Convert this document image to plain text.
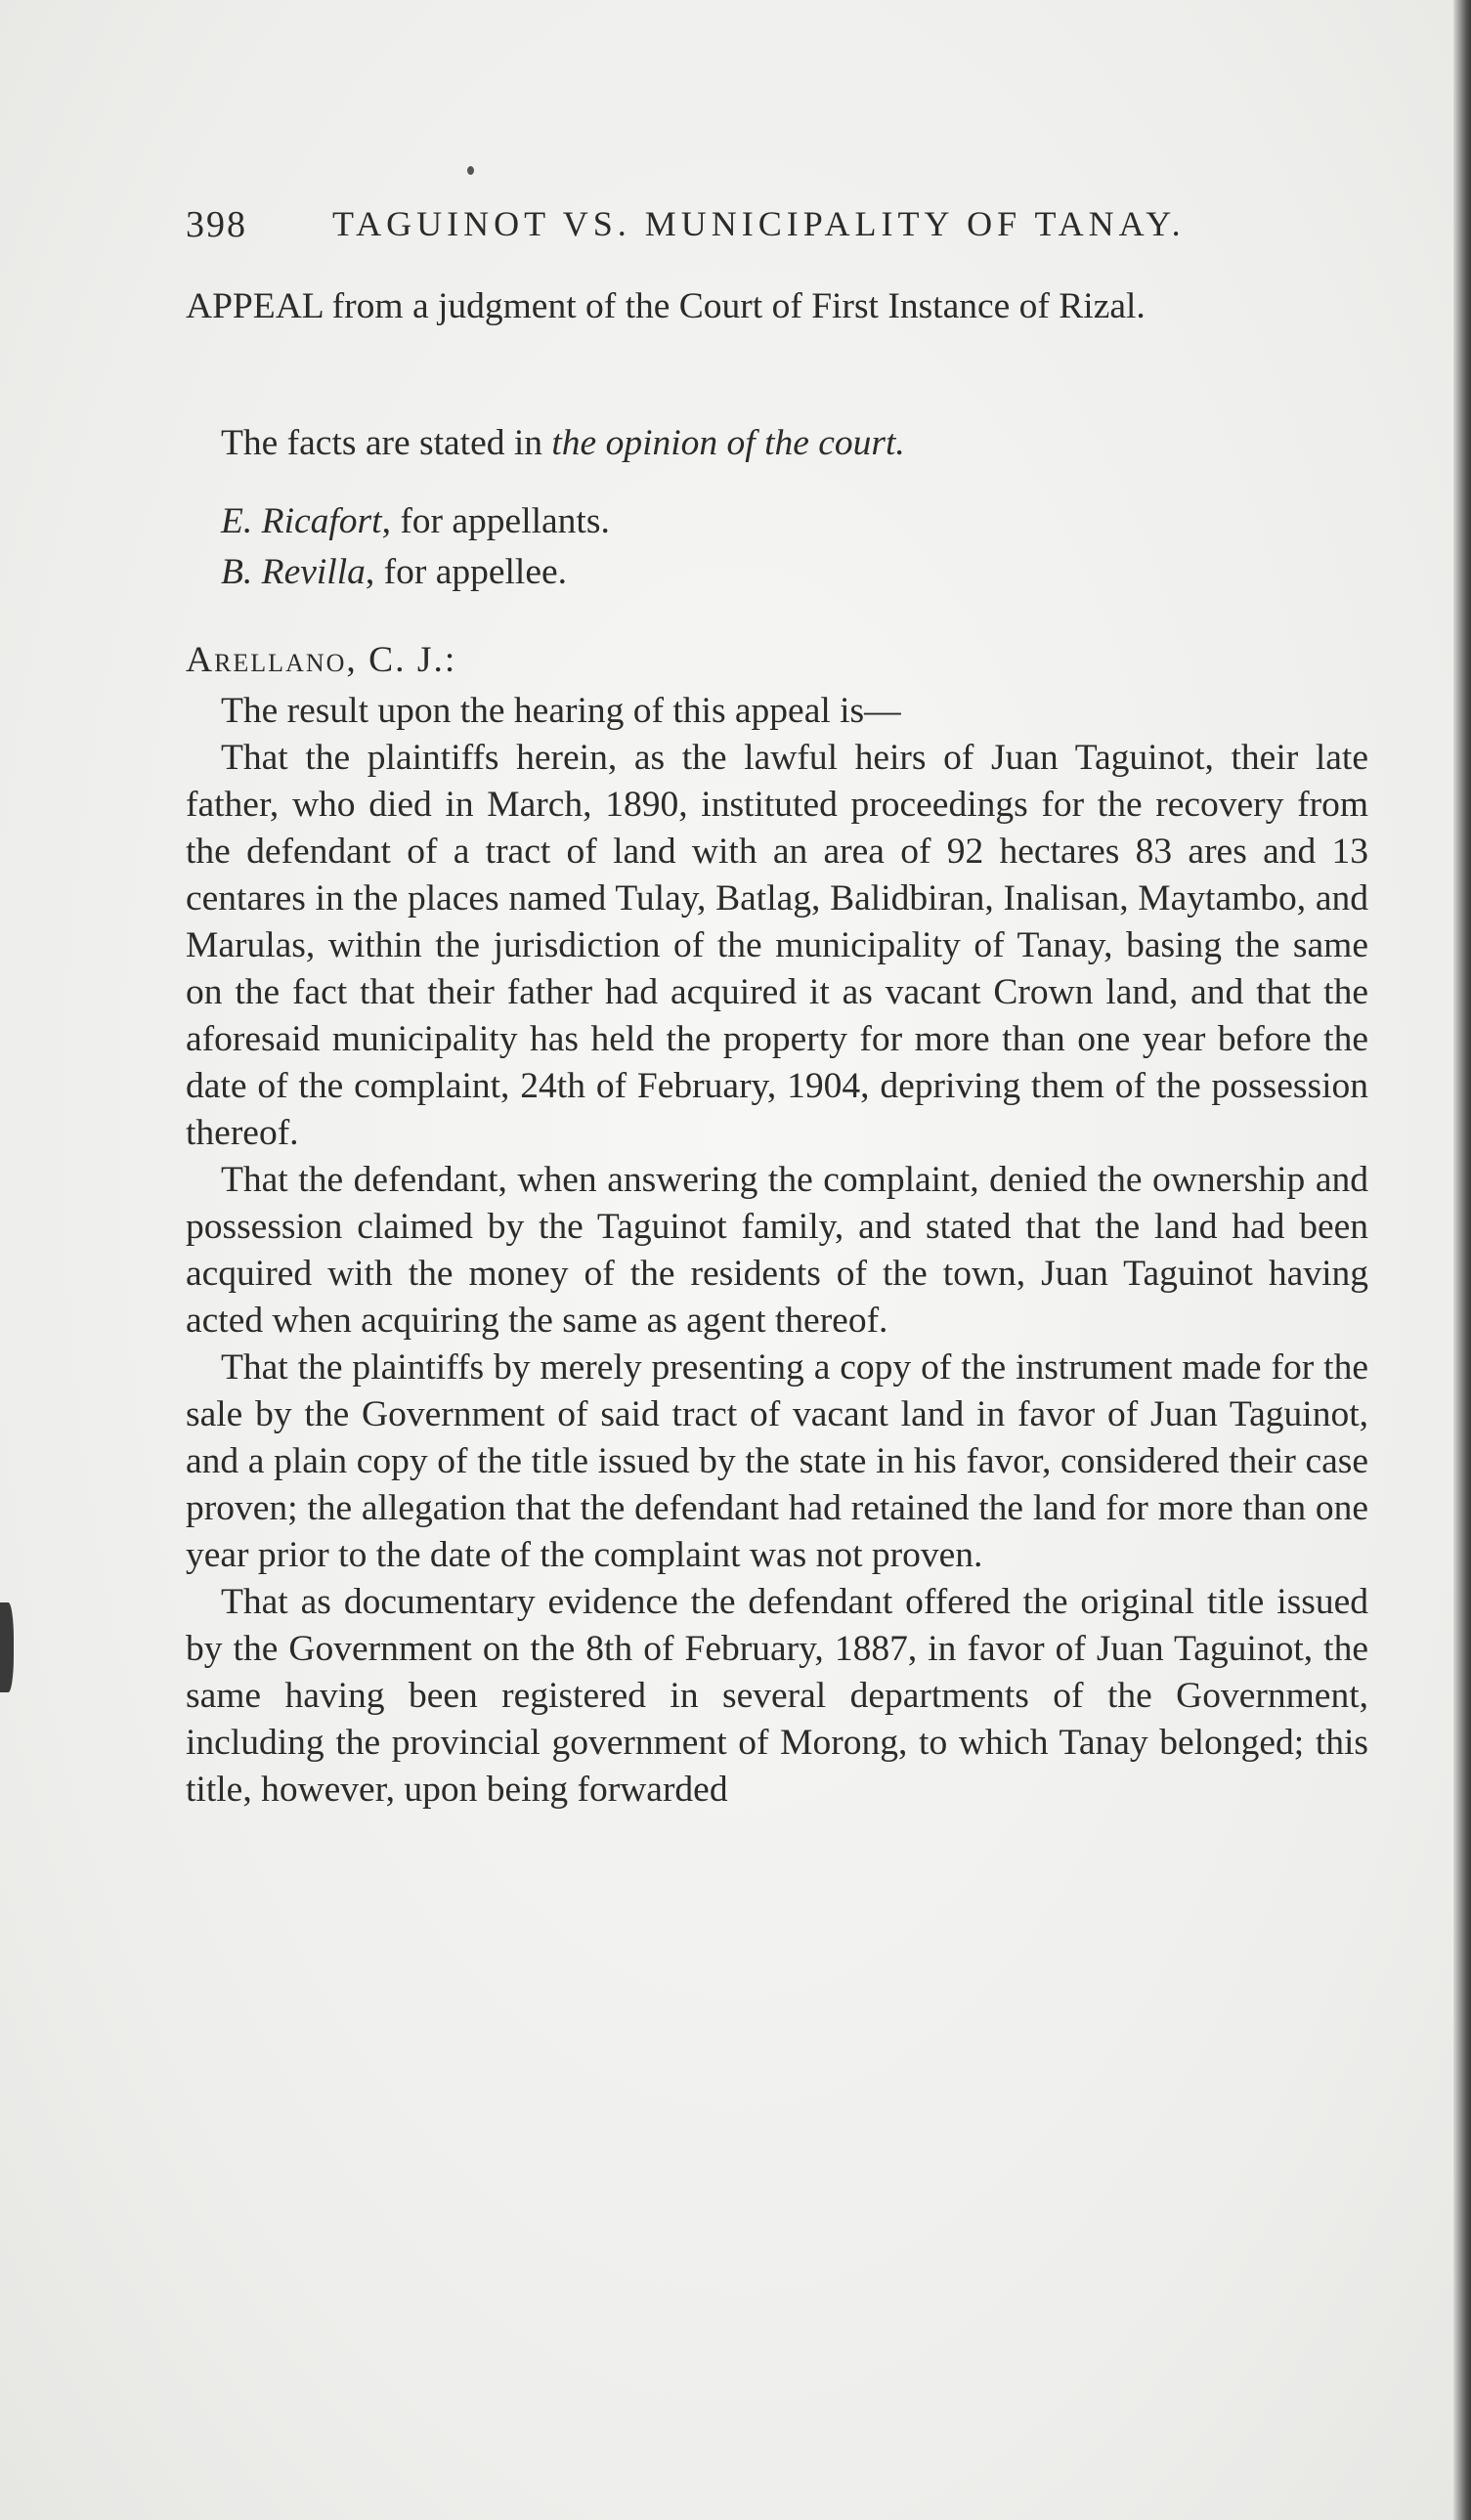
398 TAGUINOT VS. MUNICIPALITY OF TANAY.
APPEAL from a judgment of the Court of First Instance of Rizal.
The facts are stated in the opinion of the court.
E. Ricafort, for appellants.
B. Revilla, for appellee.
Arellano, C. J.:

The result upon the hearing of this appeal is—

That the plaintiffs herein, as the lawful heirs of Juan Taguinot, their late father, who died in March, 1890, instituted proceedings for the recovery from the defendant of a tract of land with an area of 92 hectares 83 ares and 13 centares in the places named Tulay, Batlag, Balidbiran, Inalisan, Maytambo, and Marulas, within the jurisdiction of the municipality of Tanay, basing the same on the fact that their father had acquired it as vacant Crown land, and that the aforesaid municipality has held the property for more than one year before the date of the complaint, 24th of February, 1904, depriving them of the possession thereof.

That the defendant, when answering the complaint, denied the ownership and possession claimed by the Taguinot family, and stated that the land had been acquired with the money of the residents of the town, Juan Taguinot having acted when acquiring the same as agent thereof.

That the plaintiffs by merely presenting a copy of the instrument made for the sale by the Government of said tract of vacant land in favor of Juan Taguinot, and a plain copy of the title issued by the state in his favor, considered their case proven; the allegation that the defendant had retained the land for more than one year prior to the date of the complaint was not proven.

That as documentary evidence the defendant offered the original title issued by the Government on the 8th of February, 1887, in favor of Juan Taguinot, the same having been registered in several departments of the Government, including the provincial government of Morong, to which Tanay belonged; this title, however, upon being forwarded
